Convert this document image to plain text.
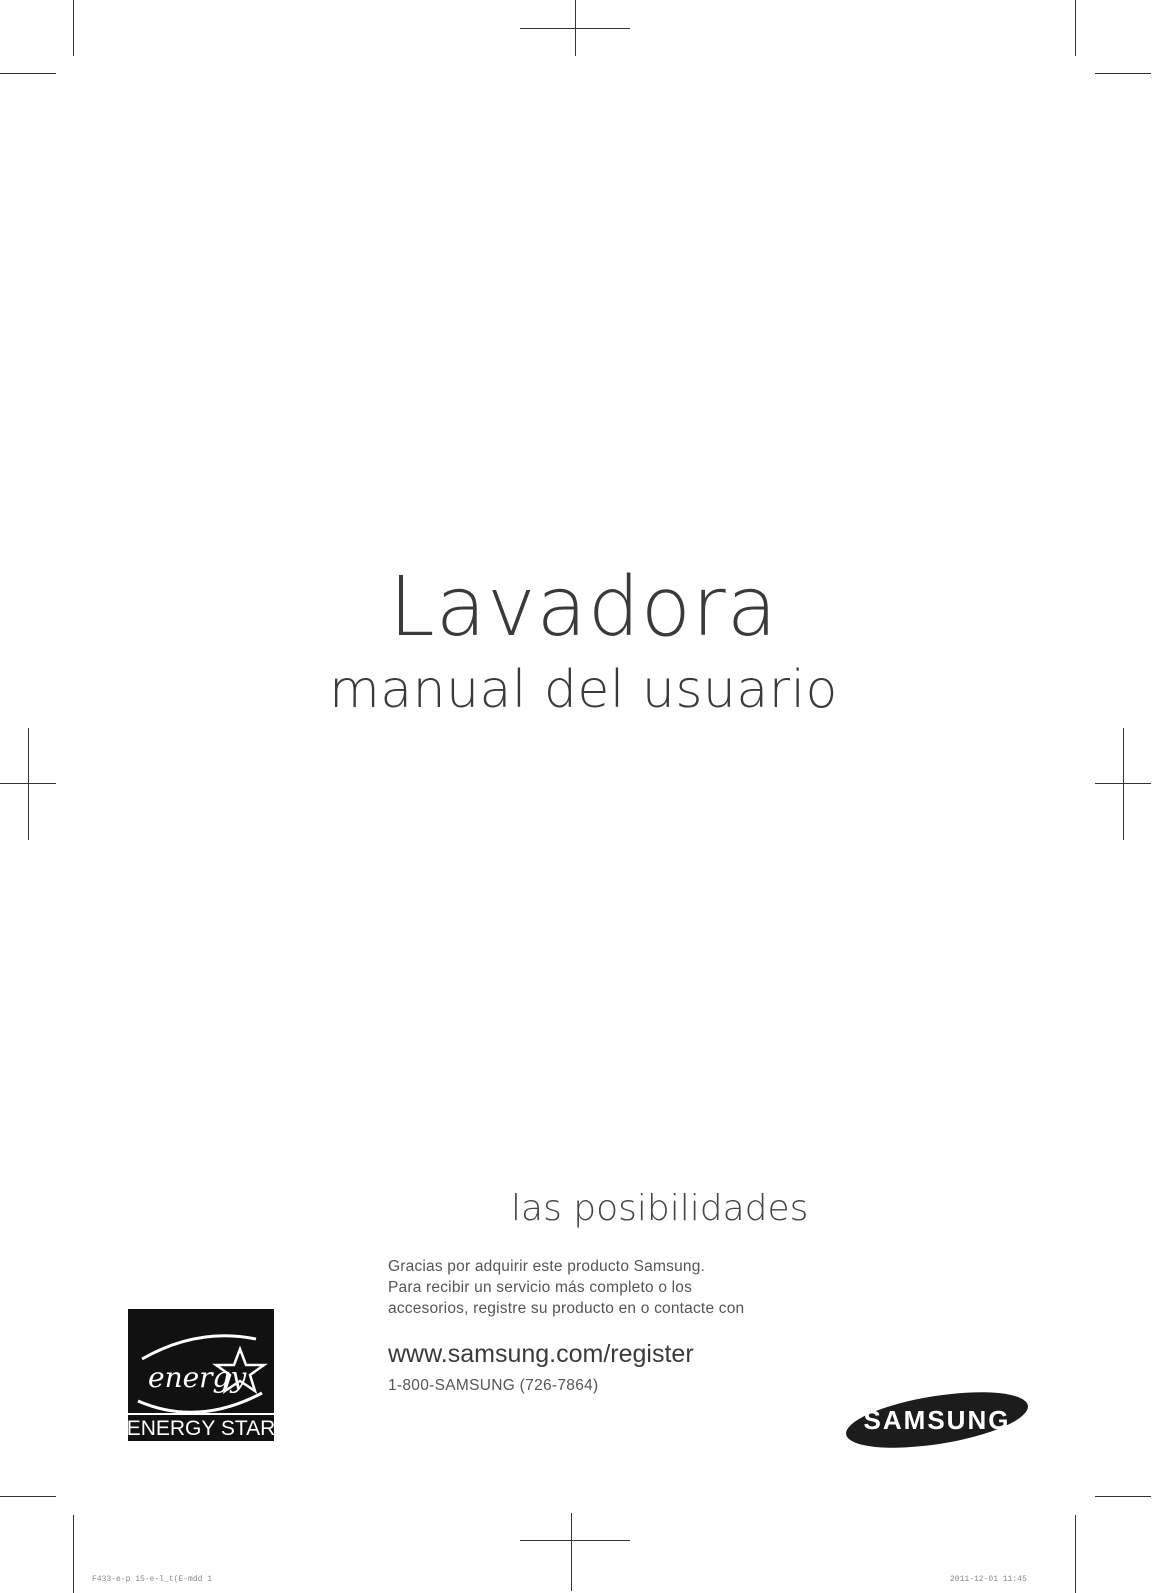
Lavadora
manual del usuario
las posibilidades
Gracias por adquirir este producto Samsung.
Para recibir un servicio más completo o los
accesorios, registre su producto en o contacte con
www.samsung.com/register
1-800-SAMSUNG (726-7864)
energy
ENERGY STAR	SAMSUNG
F433-e-p 15-e-l_t(E-mdd 1	2011-12-01 11:45
